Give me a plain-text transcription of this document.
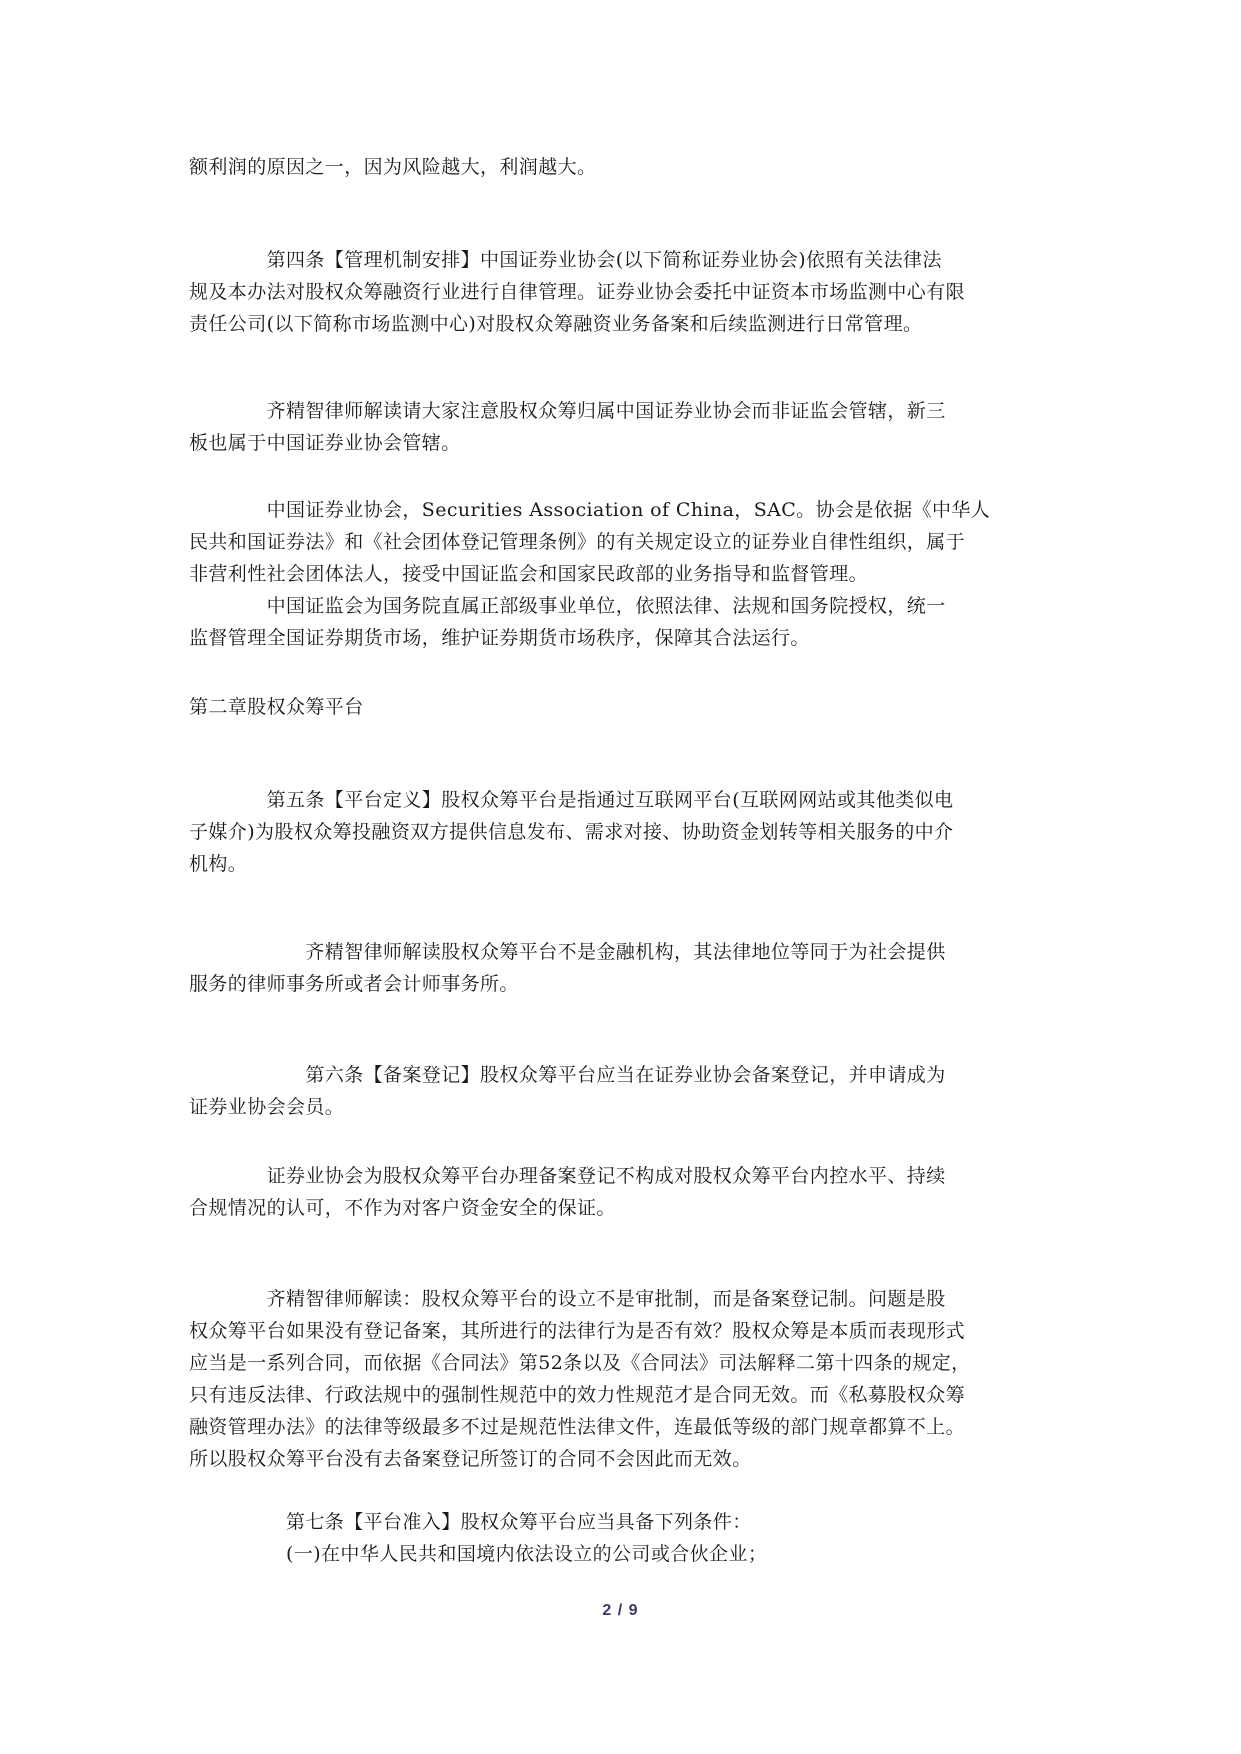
额利润的原因之一，因为风险越大，利润越大。
　　　　第四条【管理机制安排】中国证券业协会(以下简称证券业协会)依照有关法律法
规及本办法对股权众筹融资行业进行自律管理。证券业协会委托中证资本市场监测中心有限
责任公司(以下简称市场监测中心)对股权众筹融资业务备案和后续监测进行日常管理。
　　　　齐精智律师解读请大家注意股权众筹归属中国证券业协会而非证监会管辖，新三
板也属于中国证券业协会管辖。
　　　　中国证券业协会，Securities Association of China，SAC。协会是依据《中华人
民共和国证券法》和《社会团体登记管理条例》的有关规定设立的证券业自律性组织，属于
非营利性社会团体法人，接受中国证监会和国家民政部的业务指导和监督管理。
　　　　中国证监会为国务院直属正部级事业单位，依照法律、法规和国务院授权，统一
监督管理全国证券期货市场，维护证券期货市场秩序，保障其合法运行。
第二章股权众筹平台
　　　　第五条【平台定义】股权众筹平台是指通过互联网平台(互联网网站或其他类似电
子媒介)为股权众筹投融资双方提供信息发布、需求对接、协助资金划转等相关服务的中介
机构。
　　　　　　齐精智律师解读股权众筹平台不是金融机构，其法律地位等同于为社会提供
服务的律师事务所或者会计师事务所。
　　　　　　第六条【备案登记】股权众筹平台应当在证券业协会备案登记，并申请成为
证券业协会会员。
　　　　证券业协会为股权众筹平台办理备案登记不构成对股权众筹平台内控水平、持续
合规情况的认可，不作为对客户资金安全的保证。
　　　　齐精智律师解读：股权众筹平台的设立不是审批制，而是备案登记制。问题是股
权众筹平台如果没有登记备案，其所进行的法律行为是否有效？股权众筹是本质而表现形式
应当是一系列合同，而依据《合同法》第52条以及《合同法》司法解释二第十四条的规定，
只有违反法律、行政法规中的强制性规范中的效力性规范才是合同无效。而《私募股权众筹
融资管理办法》的法律等级最多不过是规范性法律文件，连最低等级的部门规章都算不上。
所以股权众筹平台没有去备案登记所签订的合同不会因此而无效。
　　　　　第七条【平台准入】股权众筹平台应当具备下列条件：
　　　　　(一)在中华人民共和国境内依法设立的公司或合伙企业；
2 / 9
